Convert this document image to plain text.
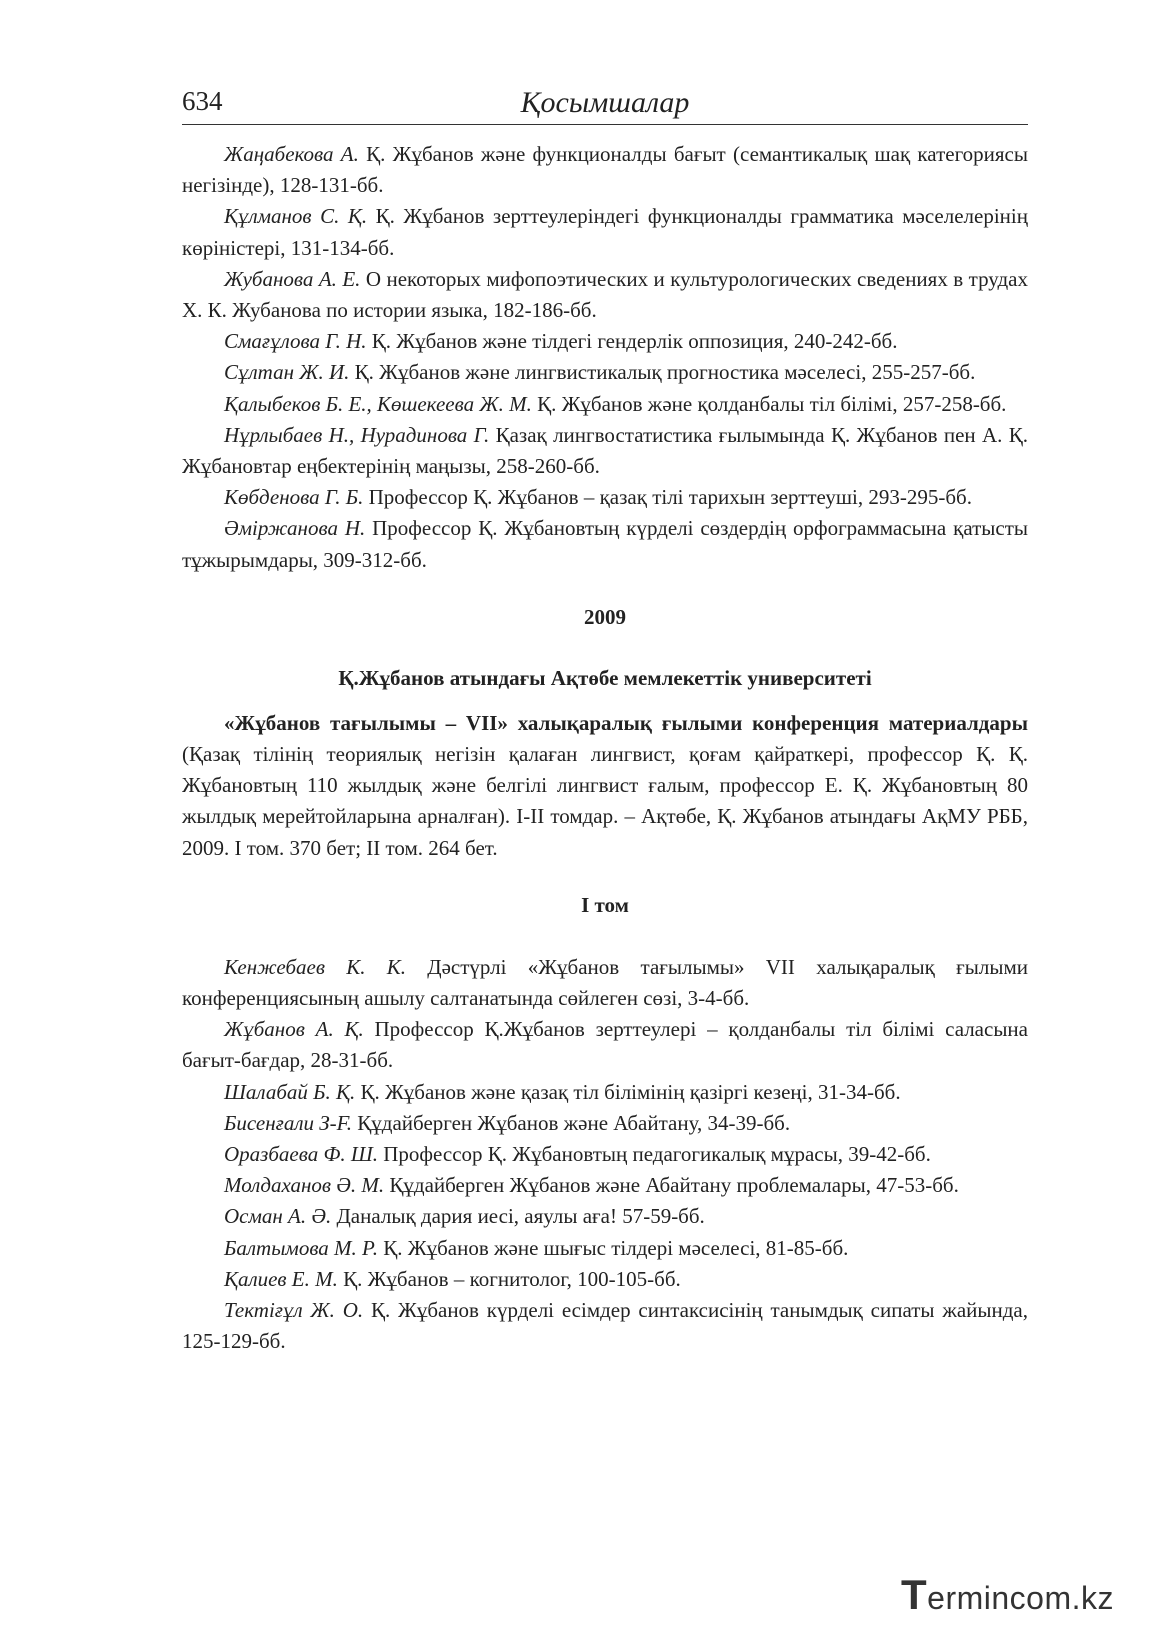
634	Қосымшалар

Жаңабекова А. Қ. Жұбанов және функционалды бағыт (семантикалық шақ категориясы негізінде), 128-131-бб.

Құлманов С. Қ. Қ. Жұбанов зерттеулеріндегі функционалды грамматика мәселелерінің көріністері, 131-134-бб.

Жубанова А. Е. О некоторых мифопоэтических и культурологических сведениях в трудах Х. К. Жубанова по истории языка, 182-186-бб.

Смағұлова Г. Н. Қ. Жұбанов және тілдегі гендерлік оппозиция, 240-242-бб.

Сұлтан Ж. И. Қ. Жұбанов және лингвистикалық прогностика мәселесі, 255-257-бб.

Қалыбеков Б. Е., Көшекеева Ж. М. Қ. Жұбанов және қолданбалы тіл білімі, 257-258-бб.

Нұрлыбаев Н., Нурадинова Г. Қазақ лингвостатистика ғылымында Қ. Жұбанов пен А. Қ. Жұбановтар еңбектерінің маңызы, 258-260-бб.

Көбденова Г. Б. Профессор Қ. Жұбанов – қазақ тілі тарихын зерттеуші, 293-295-бб.

Әміржанова Н. Профессор Қ. Жұбановтың күрделі сөздердің орфограммасына қатысты тұжырымдары, 309-312-бб.

2009

Қ.Жұбанов атындағы Ақтөбе мемлекеттік университеті

«Жұбанов тағылымы – VII» халықаралық ғылыми конференция материалдары (Қазақ тілінің теориялық негізін қалаған лингвист, қоғам қайраткері, профессор Қ. Қ. Жұбановтың 110 жылдық және белгілі лингвист ғалым, профессор Е. Қ. Жұбановтың 80 жылдық мерейтойларына арналған). I-II томдар. – Ақтөбе, Қ. Жұбанов атындағы АқМУ РББ, 2009. I том. 370 бет; II том. 264 бет.

I том

Кенжебаев К. К. Дәстүрлі «Жұбанов тағылымы» VII халықаралық ғылыми конференциясының ашылу салтанатында сөйлеген сөзі, 3-4-бб.

Жұбанов А. Қ. Профессор Қ.Жұбанов зерттеулері – қолданбалы тіл білімі саласына бағыт-бағдар, 28-31-бб.

Шалабай Б. Қ. Қ. Жұбанов және қазақ тіл білімінің қазіргі кезеңі, 31-34-бб.

Бисенғали З-F. Құдайберген Жұбанов және Абайтану, 34-39-бб.

Оразбаева Ф. Ш. Профессор Қ. Жұбановтың педагогикалық мұрасы, 39-42-бб.

Молдаханов Ә. М. Құдайберген Жұбанов және Абайтану проблемалары, 47-53-бб.

Осман А. Ә. Даналық дария иесі, аяулы аға! 57-59-бб.

Балтымова М. Р. Қ. Жұбанов және шығыс тілдері мәселесі, 81-85-бб.

Қалиев Е. М. Қ. Жұбанов – когнитолог, 100-105-бб.

Тектіғұл Ж. О. Қ. Жұбанов күрделі есімдер синтаксисінің танымдық сипаты жайында, 125-129-бб.

Termincom.kz
